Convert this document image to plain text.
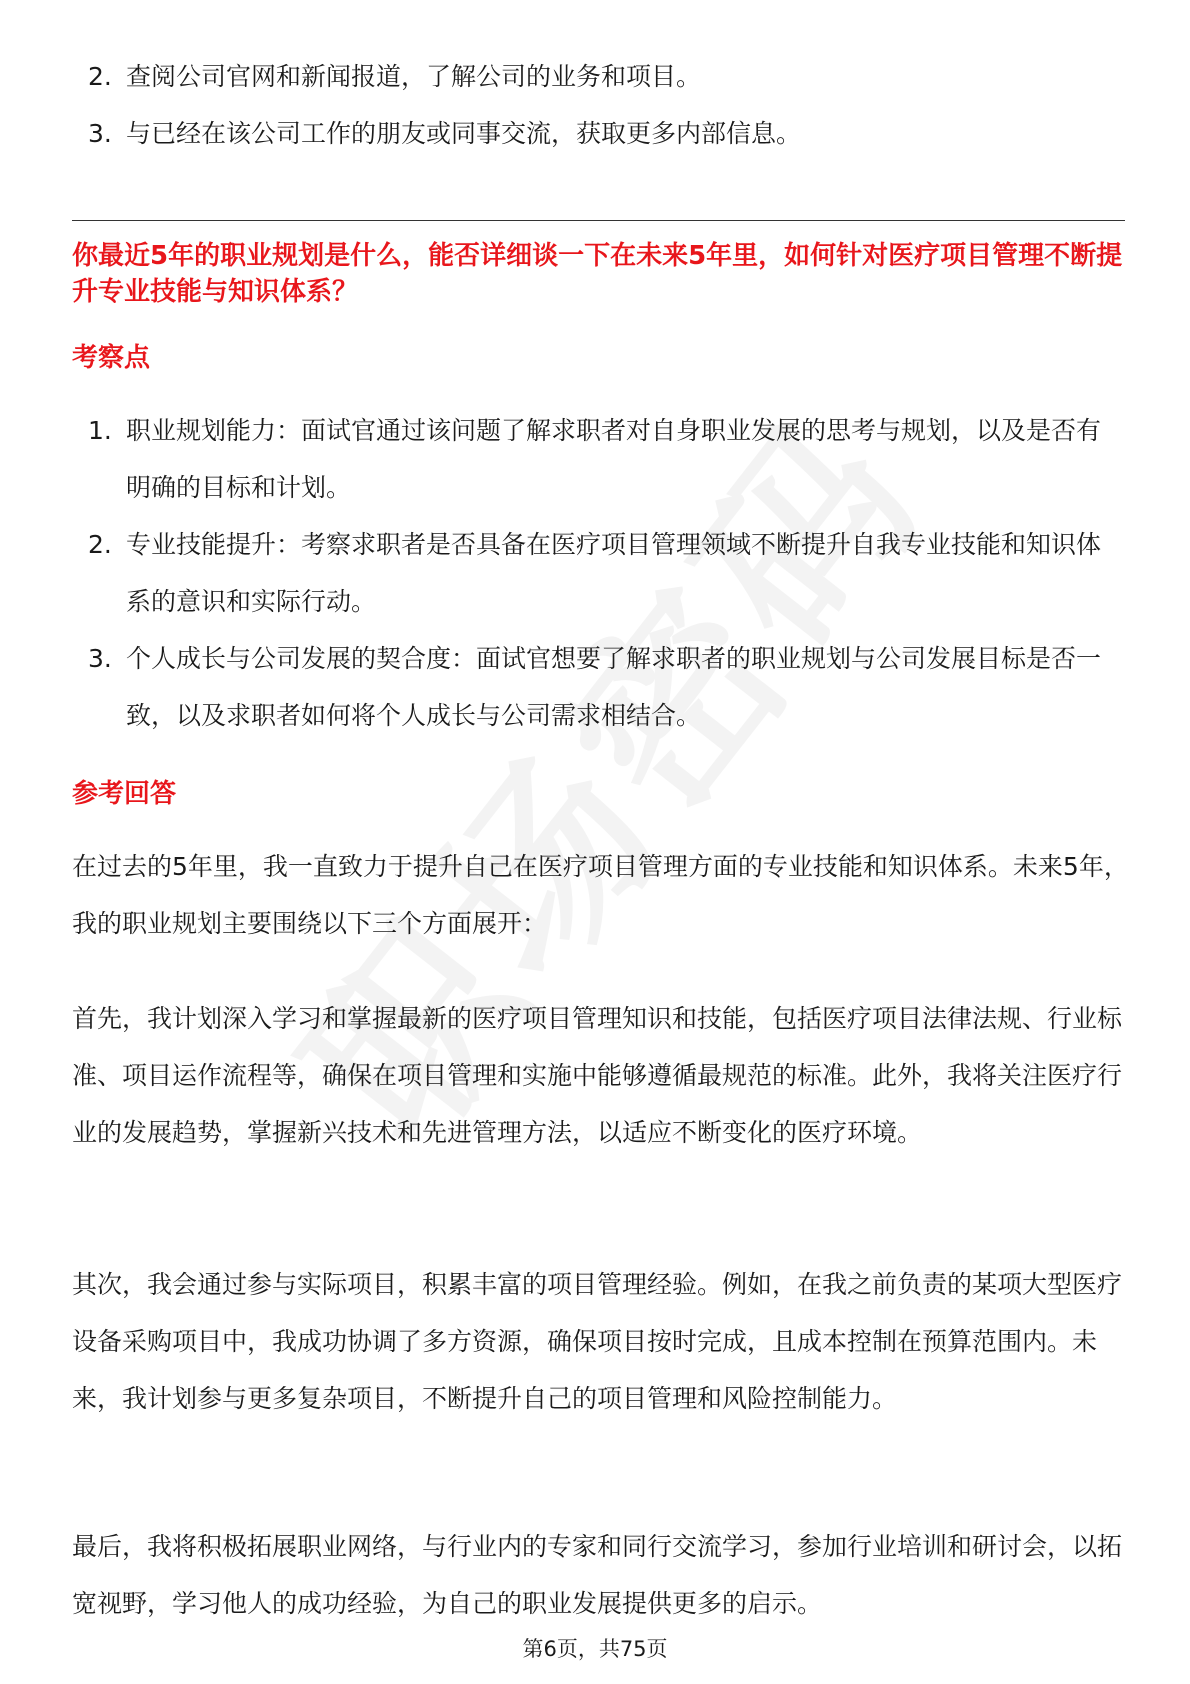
2. 查阅公司官网和新闻报道，了解公司的业务和项目。
3. 与已经在该公司工作的朋友或同事交流，获取更多内部信息。

你最近5年的职业规划是什么，能否详细谈一下在未来5年里，如何针对医疗项目管理不断提升专业技能与知识体系？

考察点

1. 职业规划能力：面试官通过该问题了解求职者对自身职业发展的思考与规划，以及是否有明确的目标和计划。
2. 专业技能提升：考察求职者是否具备在医疗项目管理领域不断提升自我专业技能和知识体系的意识和实际行动。
3. 个人成长与公司发展的契合度：面试官想要了解求职者的职业规划与公司发展目标是否一致，以及求职者如何将个人成长与公司需求相结合。

参考回答

在过去的5年里，我一直致力于提升自己在医疗项目管理方面的专业技能和知识体系。未来5年，我的职业规划主要围绕以下三个方面展开：

首先，我计划深入学习和掌握最新的医疗项目管理知识和技能，包括医疗项目法律法规、行业标准、项目运作流程等，确保在项目管理和实施中能够遵循最规范的标准。此外，我将关注医疗行业的发展趋势，掌握新兴技术和先进管理方法，以适应不断变化的医疗环境。

其次，我会通过参与实际项目，积累丰富的项目管理经验。例如，在我之前负责的某项大型医疗设备采购项目中，我成功协调了多方资源，确保项目按时完成，且成本控制在预算范围内。未来，我计划参与更多复杂项目，不断提升自己的项目管理和风险控制能力。

最后，我将积极拓展职业网络，与行业内的专家和同行交流学习，参加行业培训和研讨会，以拓宽视野，学习他人的成功经验，为自己的职业发展提供更多的启示。

第6页，共75页
